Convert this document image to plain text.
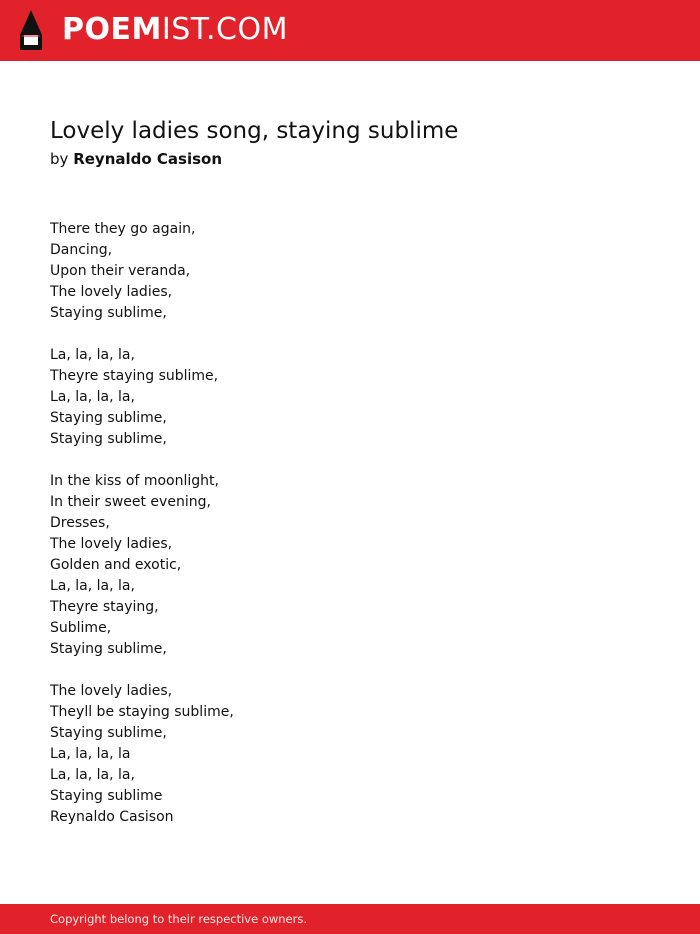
POEMIST.COM
Lovely ladies song, staying sublime
by Reynaldo Casison
There they go again,
Dancing,
Upon their veranda,
The lovely ladies,
Staying sublime,
La, la, la, la,
Theyre staying sublime,
La, la, la, la,
Staying sublime,
Staying sublime,
In the kiss of moonlight,
In their sweet evening,
Dresses,
The lovely ladies,
Golden and exotic,
La, la, la, la,
Theyre staying,
Sublime,
Staying sublime,
The lovely ladies,
Theyll be staying sublime,
Staying sublime,
La, la, la, la
La, la, la, la,
Staying sublime
Reynaldo Casison
Copyright belong to their respective owners.
